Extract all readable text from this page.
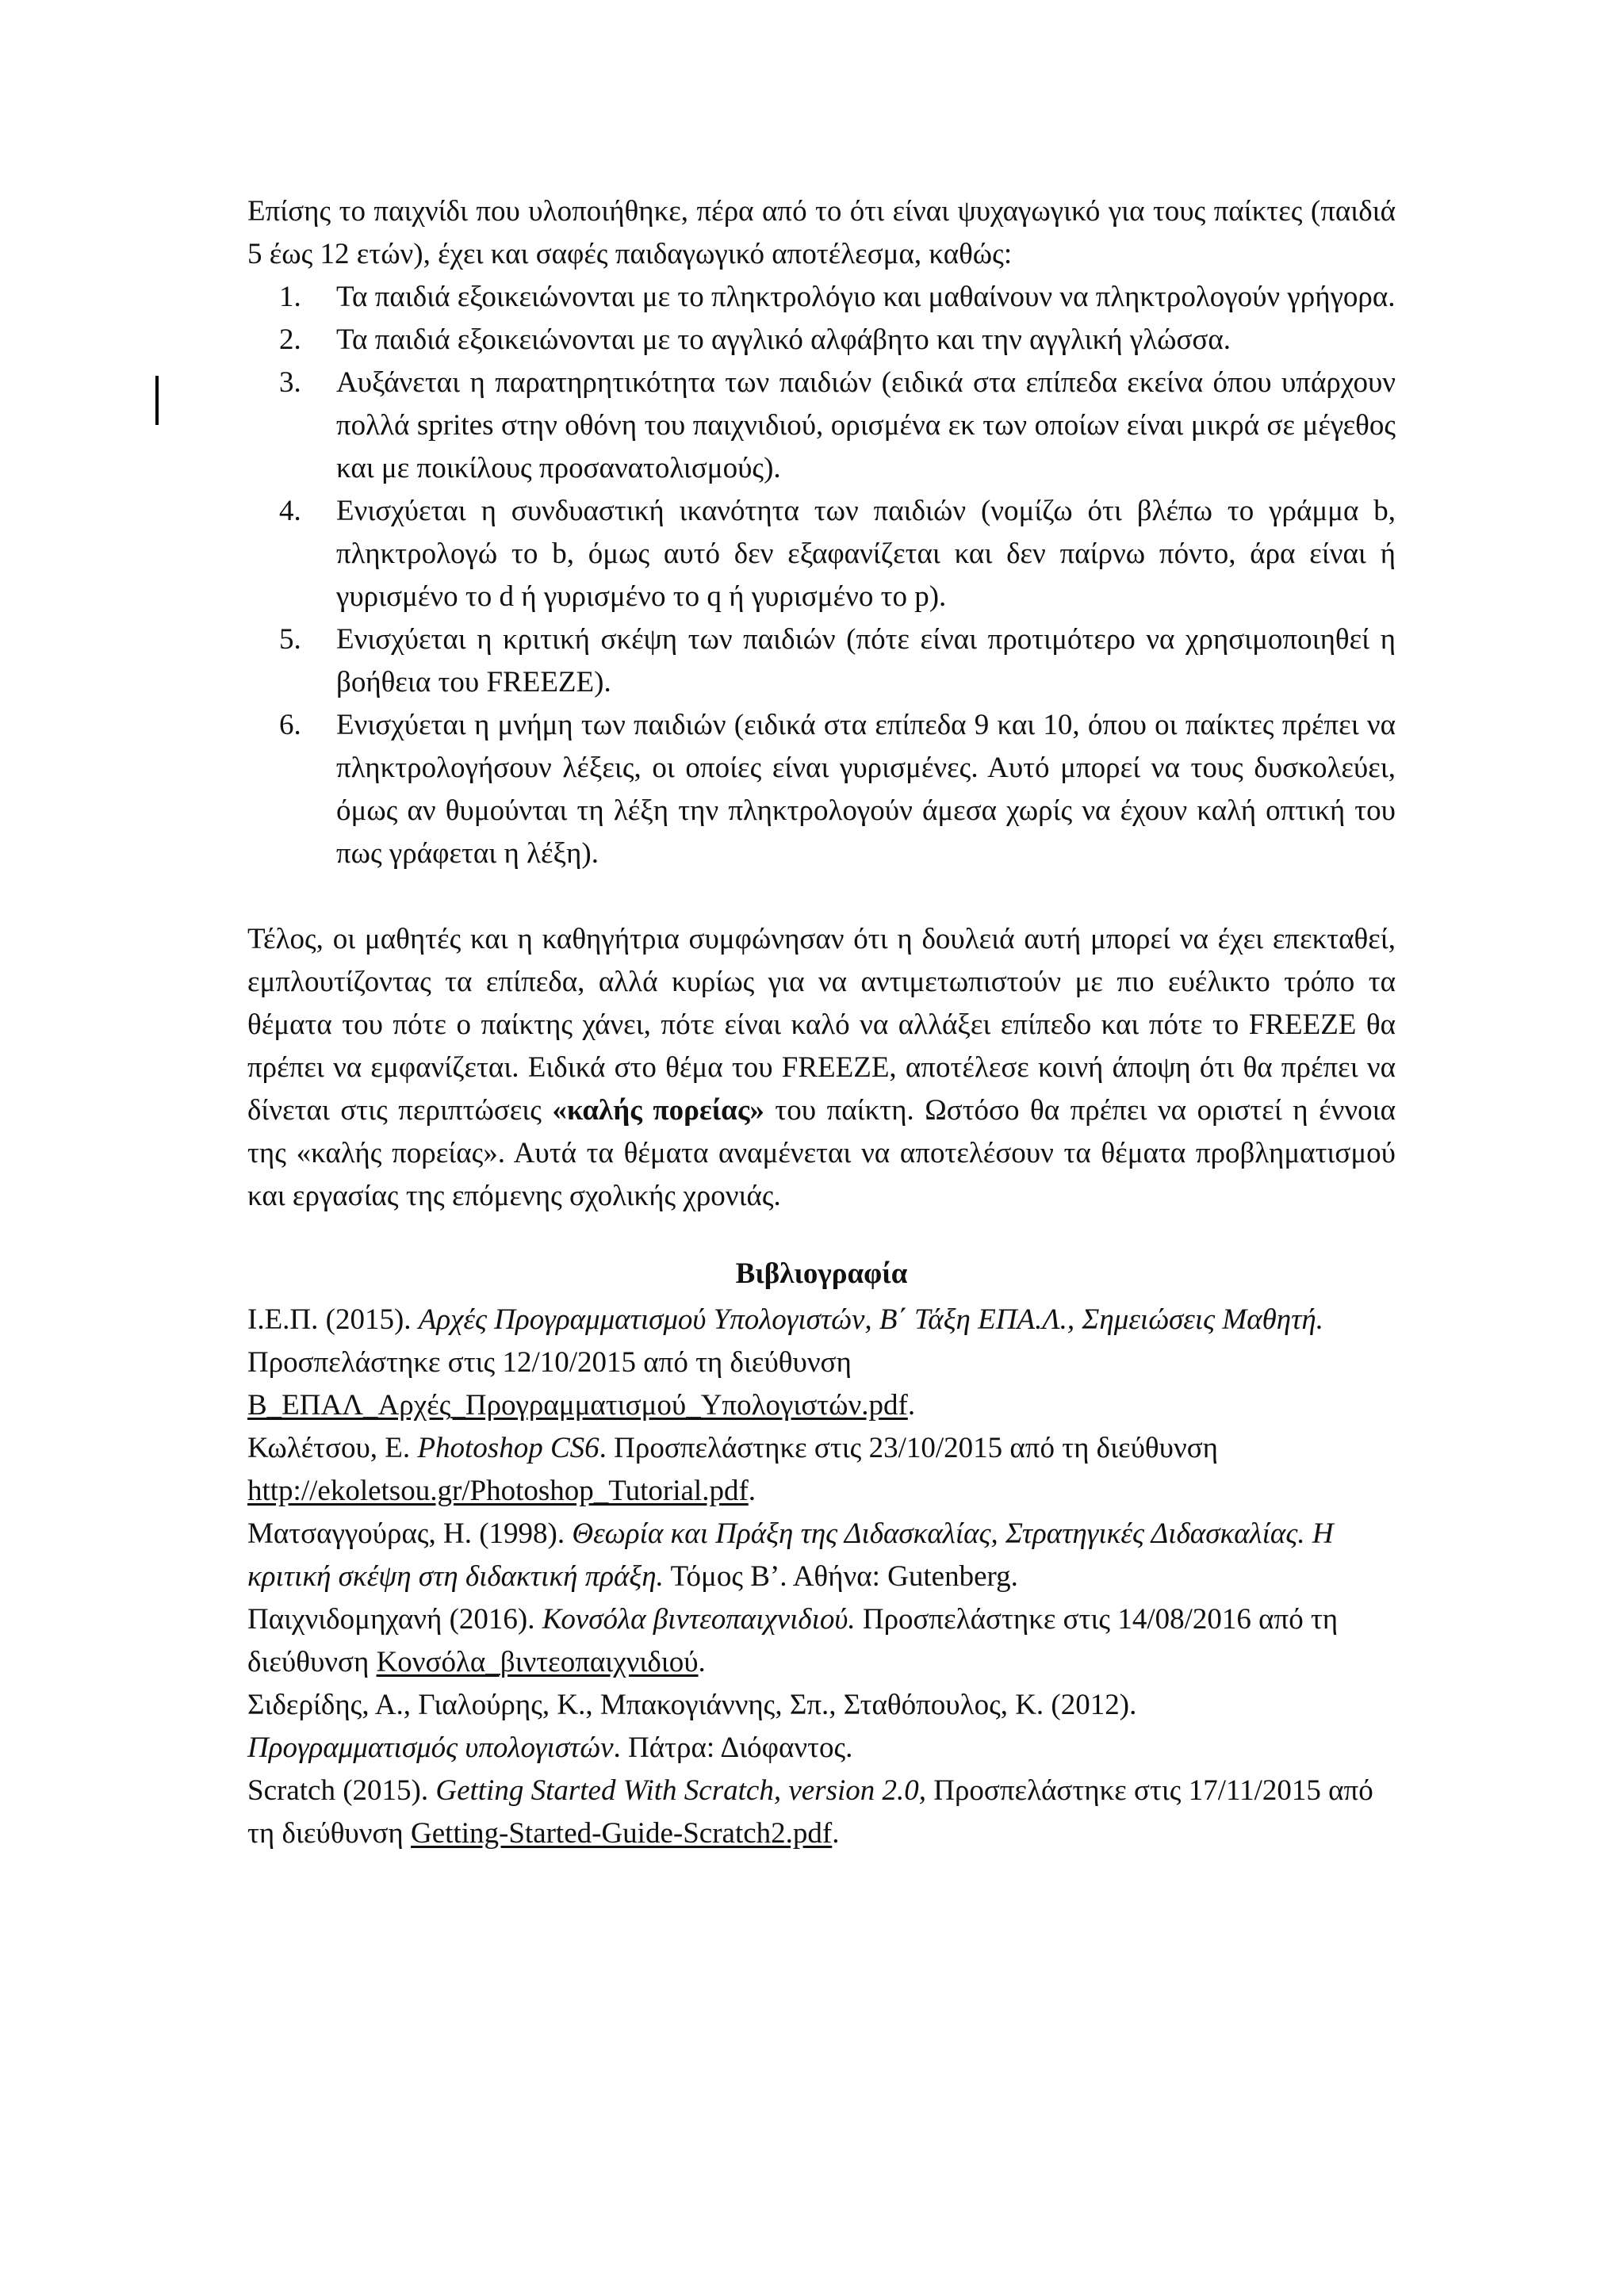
Επίσης το παιχνίδι που υλοποιήθηκε, πέρα από το ότι είναι ψυχαγωγικό για τους παίκτες (παιδιά 5 έως 12 ετών), έχει και σαφές παιδαγωγικό αποτέλεσμα, καθώς:

1.	Τα παιδιά εξοικειώνονται με το πληκτρολόγιο και μαθαίνουν να πληκτρολογούν γρήγορα.
2.	Τα παιδιά εξοικειώνονται με το αγγλικό αλφάβητο και την αγγλική γλώσσα.
3.	Αυξάνεται η παρατηρητικότητα των παιδιών (ειδικά στα επίπεδα εκείνα όπου υπάρχουν πολλά sprites στην οθόνη του παιχνιδιού, ορισμένα εκ των οποίων είναι μικρά σε μέγεθος και με ποικίλους προσανατολισμούς).
4.	Ενισχύεται η συνδυαστική ικανότητα των παιδιών (νομίζω ότι βλέπω το γράμμα b, πληκτρολογώ το b, όμως αυτό δεν εξαφανίζεται και δεν παίρνω πόντο, άρα είναι ή γυρισμένο το d ή γυρισμένο το q ή γυρισμένο το p).
5.	Ενισχύεται η κριτική σκέψη των παιδιών (πότε είναι προτιμότερο να χρησιμοποιηθεί η βοήθεια του FREEZE).
6.	Ενισχύεται η μνήμη των παιδιών (ειδικά στα επίπεδα 9 και 10, όπου οι παίκτες πρέπει να πληκτρολογήσουν λέξεις, οι οποίες είναι γυρισμένες. Αυτό μπορεί να τους δυσκολεύει, όμως αν θυμούνται τη λέξη την πληκτρολογούν άμεσα χωρίς να έχουν καλή οπτική του πως γράφεται η λέξη).

Τέλος, οι μαθητές και η καθηγήτρια συμφώνησαν ότι η δουλειά αυτή μπορεί να έχει επεκταθεί, εμπλουτίζοντας τα επίπεδα, αλλά κυρίως για να αντιμετωπιστούν με πιο ευέλικτο τρόπο τα θέματα του πότε ο παίκτης χάνει, πότε είναι καλό να αλλάξει επίπεδο και πότε το FREEZE θα πρέπει να εμφανίζεται. Ειδικά στο θέμα του FREEZE, αποτέλεσε κοινή άποψη ότι θα πρέπει να δίνεται στις περιπτώσεις «καλής πορείας» του παίκτη. Ωστόσο θα πρέπει να οριστεί η έννοια της «καλής πορείας». Αυτά τα θέματα αναμένεται να αποτελέσουν τα θέματα προβληματισμού και εργασίας της επόμενης σχολικής χρονιάς.

Βιβλιογραφία

Ι.Ε.Π. (2015). Αρχές Προγραμματισμού Υπολογιστών, Β΄ Τάξη ΕΠΑ.Λ., Σημειώσεις Μαθητή. Προσπελάστηκε στις 12/10/2015 από τη διεύθυνση
Β_ΕΠΑΛ_Αρχές_Προγραμματισμού_Υπολογιστών.pdf.

Κωλέτσου, Ε. Photoshop CS6. Προσπελάστηκε στις 23/10/2015 από τη διεύθυνση
http://ekoletsou.gr/Photoshop_Tutorial.pdf.

Ματσαγγούρας, Η. (1998). Θεωρία και Πράξη της Διδασκαλίας, Στρατηγικές Διδασκαλίας. Η κριτική σκέψη στη διδακτική πράξη. Τόμος Β’. Αθήνα: Gutenberg.

Παιχνιδομηχανή (2016). Κονσόλα βιντεοπαιχνιδιού. Προσπελάστηκε στις 14/08/2016 από τη διεύθυνση Κονσόλα_βιντεοπαιχνιδιού.

Σιδερίδης, Α., Γιαλούρης, Κ., Μπακογιάννης, Σπ., Σταθόπουλος, Κ. (2012).
Προγραμματισμός υπολογιστών. Πάτρα: Διόφαντος.

Scratch (2015). Getting Started With Scratch, version 2.0, Προσπελάστηκε στις 17/11/2015 από τη διεύθυνση Getting-Started-Guide-Scratch2.pdf.
